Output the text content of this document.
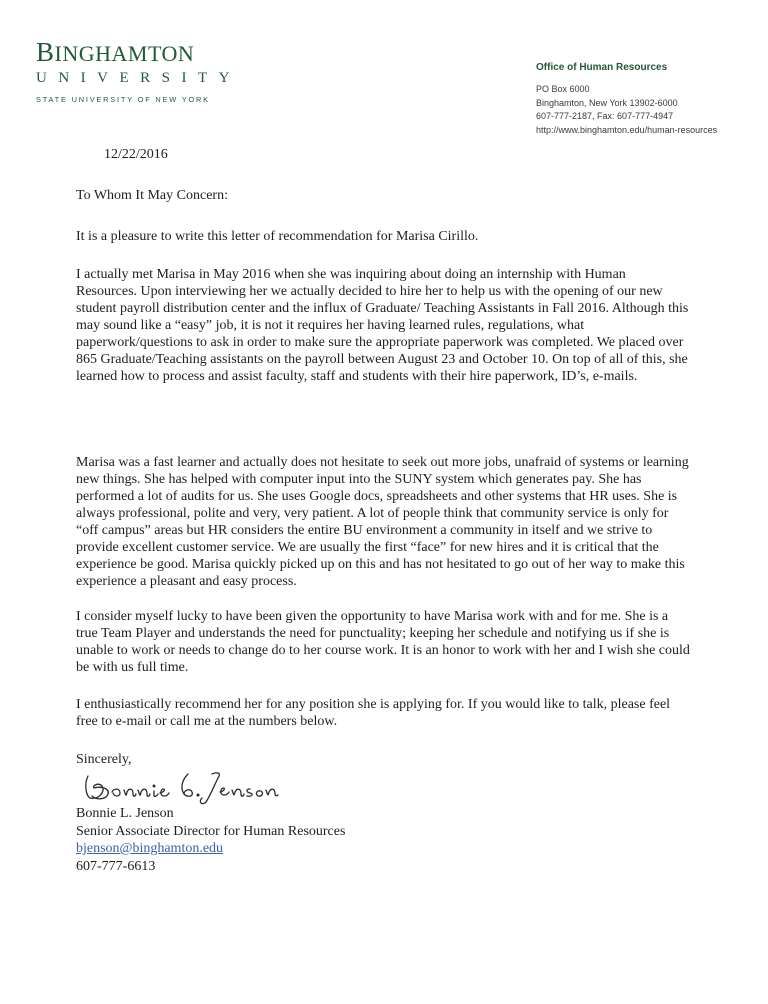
BINGHAMTON
UNIVERSITY
STATE UNIVERSITY OF NEW YORK
Office of Human Resources
PO Box 6000
Binghamton, New York 13902-6000
607-777-2187, Fax: 607-777-4947
http://www.binghamton.edu/human-resources
12/22/2016
To Whom It May Concern:
It is a pleasure to write this letter of recommendation for Marisa Cirillo.
I actually met Marisa in May 2016 when she was inquiring about doing an internship with Human Resources. Upon interviewing her we actually decided to hire her to help us with the opening of our new student payroll distribution center and the influx of Graduate/ Teaching Assistants in Fall 2016. Although this may sound like a “easy” job, it is not it requires her having learned rules, regulations, what paperwork/questions to ask in order to make sure the appropriate paperwork was completed. We placed over 865 Graduate/Teaching assistants on the payroll between August 23 and October 10. On top of all of this, she learned how to process and assist faculty, staff and students with their hire paperwork, ID’s, e-mails.
Marisa was a fast learner and actually does not hesitate to seek out more jobs, unafraid of systems or learning new things. She has helped with computer input into the SUNY system which generates pay. She has performed a lot of audits for us. She uses Google docs, spreadsheets and other systems that HR uses. She is always professional, polite and very, very patient. A lot of people think that community service is only for “off campus” areas but HR considers the entire BU environment a community in itself and we strive to provide excellent customer service. We are usually the first “face” for new hires and it is critical that the experience be good. Marisa quickly picked up on this and has not hesitated to go out of her way to make this experience a pleasant and easy process.
I consider myself lucky to have been given the opportunity to have Marisa work with and for me. She is a true Team Player and understands the need for punctuality; keeping her schedule and notifying us if she is unable to work or needs to change do to her course work. It is an honor to work with her and I wish she could be with us full time.
I enthusiastically recommend her for any position she is applying for. If you would like to talk, please feel free to e-mail or call me at the numbers below.
Sincerely,
Bonnie L. Jenson
Senior Associate Director for Human Resources
bjenson@binghamton.edu
607-777-6613
